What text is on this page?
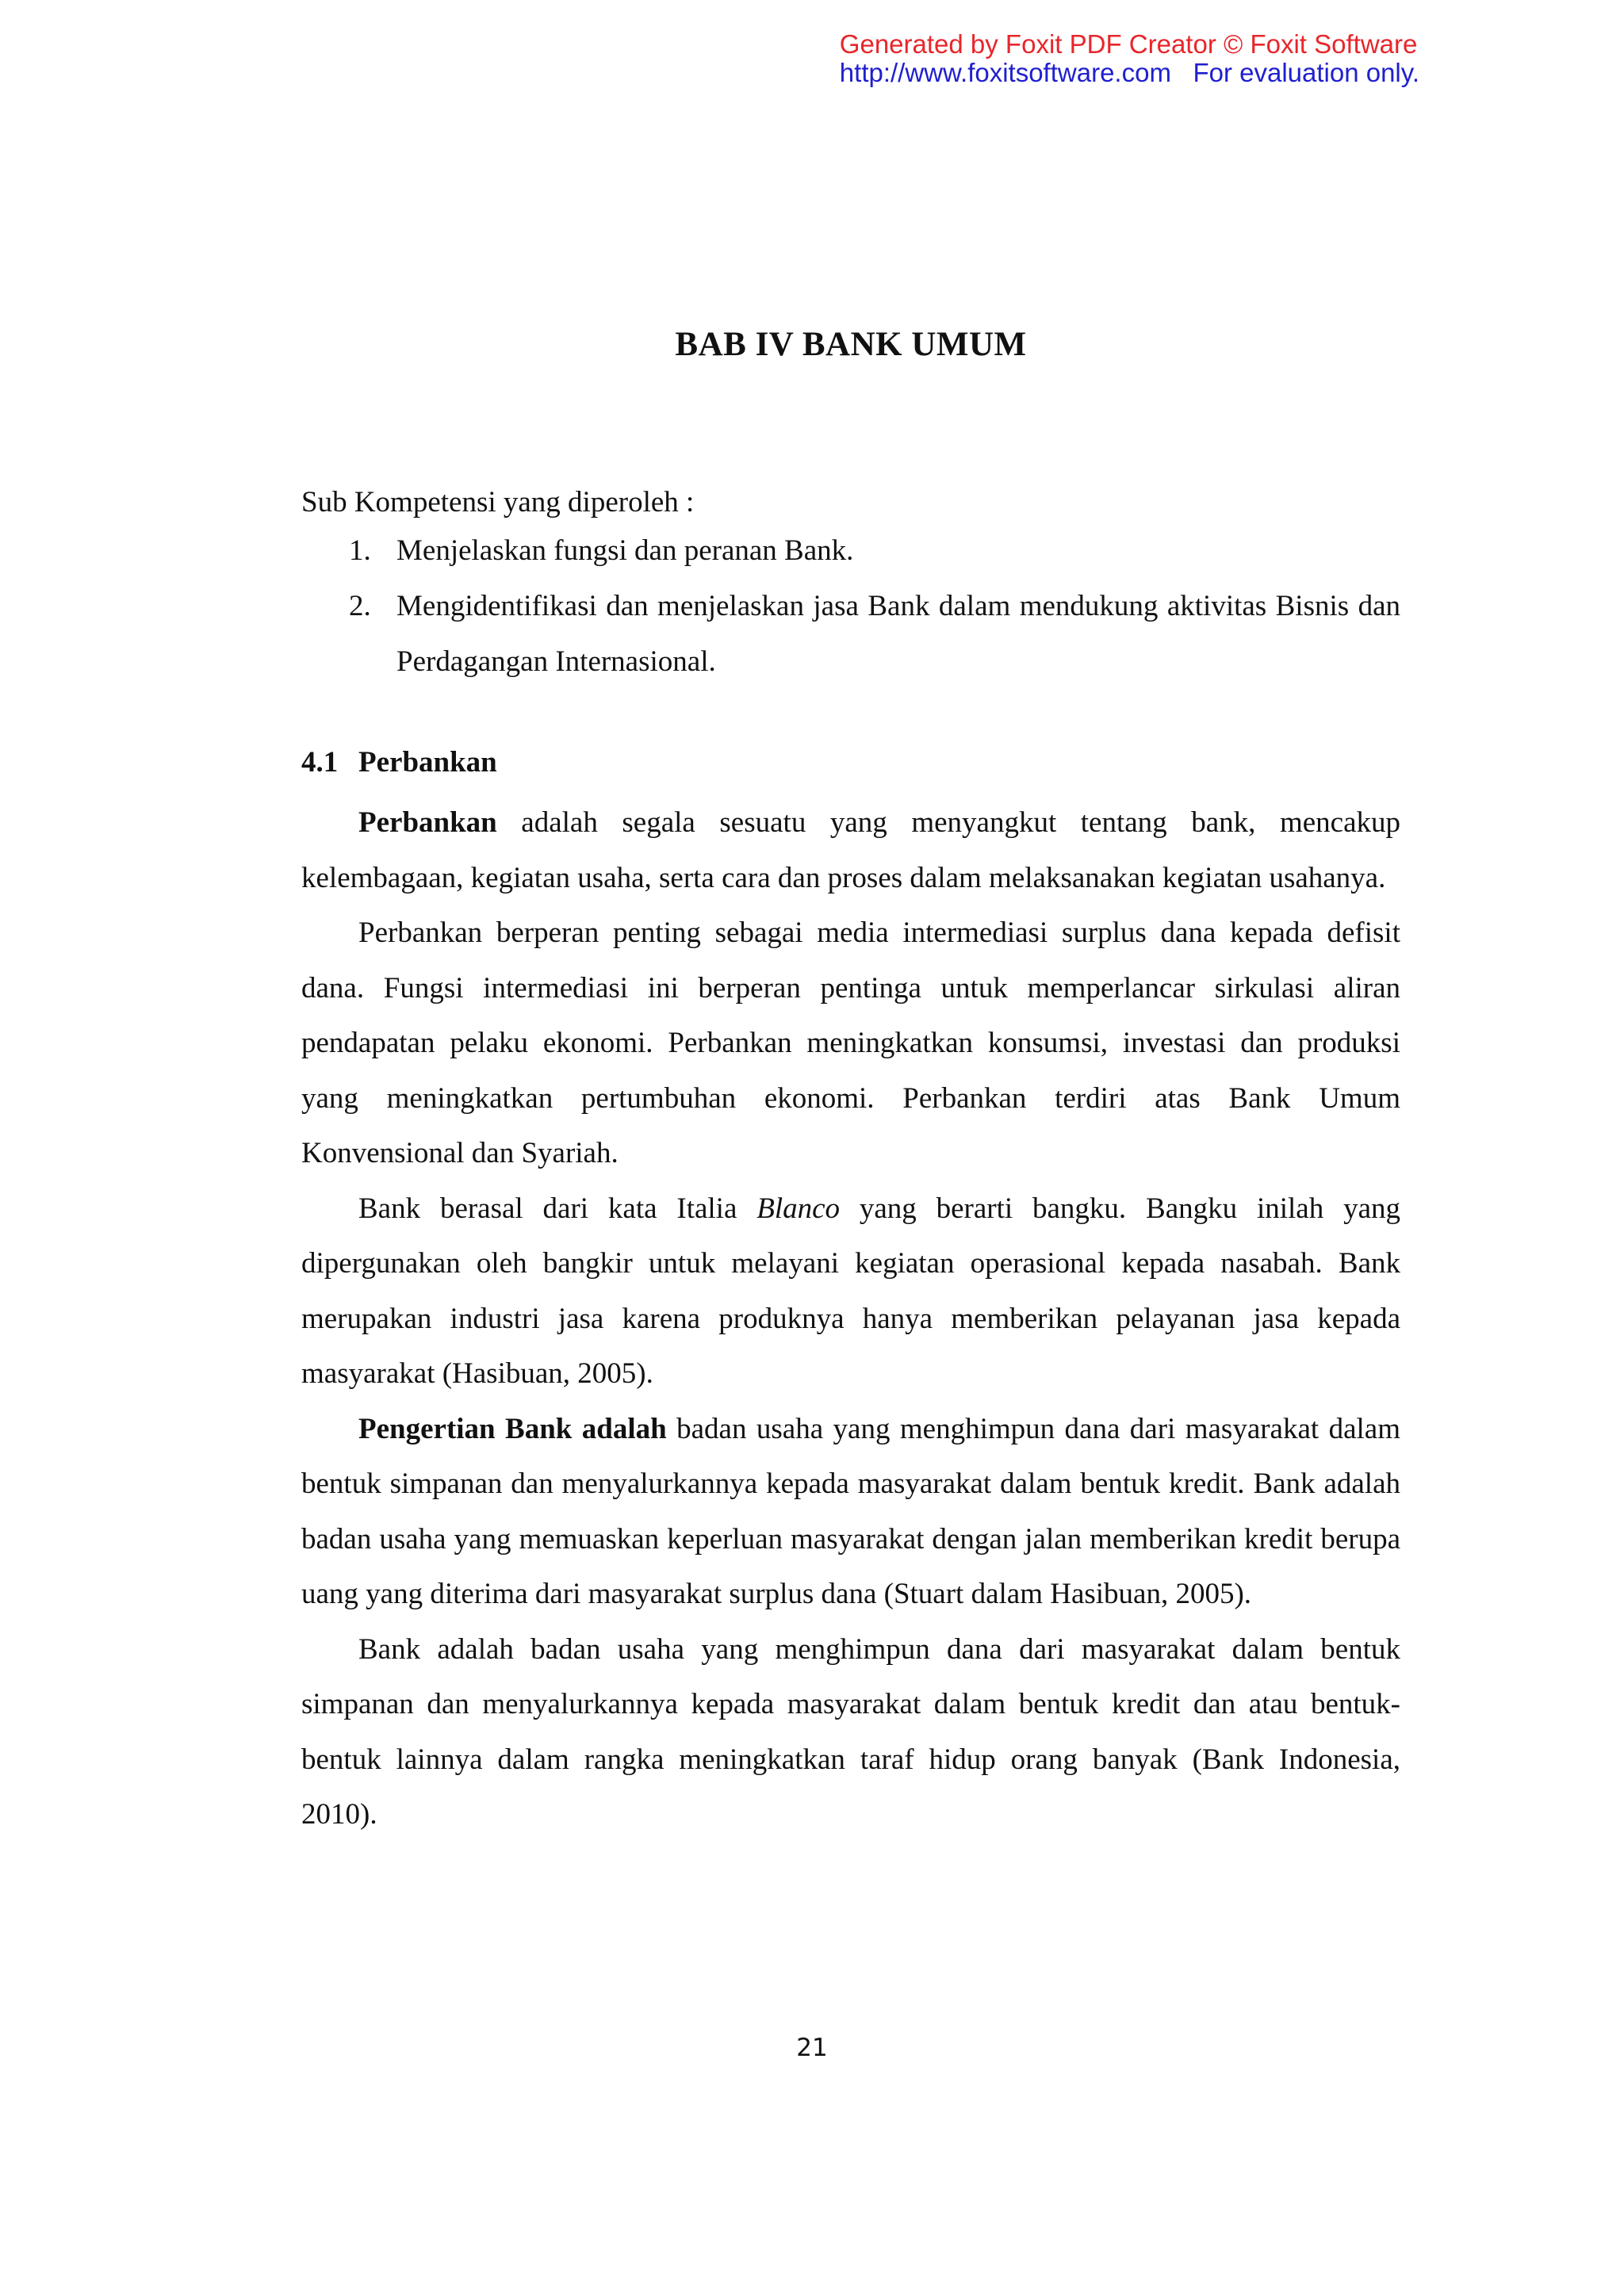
Generated by Foxit PDF Creator © Foxit Software
http://www.foxitsoftware.com   For evaluation only.
BAB IV BANK UMUM
Sub Kompetensi yang diperoleh :
1. Menjelaskan fungsi dan peranan Bank.
2. Mengidentifikasi dan menjelaskan jasa Bank dalam mendukung aktivitas Bisnis dan Perdagangan Internasional.
4.1 Perbankan

Perbankan adalah segala sesuatu yang menyangkut tentang bank, mencakup kelembagaan, kegiatan usaha, serta cara dan proses dalam melaksanakan kegiatan usahanya.

Perbankan berperan penting sebagai media intermediasi surplus dana kepada defisit dana. Fungsi intermediasi ini berperan pentinga untuk memperlancar sirkulasi aliran pendapatan pelaku ekonomi. Perbankan meningkatkan konsumsi, investasi dan produksi yang meningkatkan pertumbuhan ekonomi. Perbankan terdiri atas Bank Umum Konvensional dan Syariah.

Bank berasal dari kata Italia Blanco yang berarti bangku. Bangku inilah yang dipergunakan oleh bangkir untuk melayani kegiatan operasional kepada nasabah. Bank merupakan industri jasa karena produknya hanya memberikan pelayanan jasa kepada masyarakat (Hasibuan, 2005).

Pengertian Bank adalah badan usaha yang menghimpun dana dari masyarakat dalam bentuk simpanan dan menyalurkannya kepada masyarakat dalam bentuk kredit. Bank adalah badan usaha yang memuaskan keperluan masyarakat dengan jalan memberikan kredit berupa uang yang diterima dari masyarakat surplus dana (Stuart dalam Hasibuan, 2005).

Bank adalah badan usaha yang menghimpun dana dari masyarakat dalam bentuk simpanan dan menyalurkannya kepada masyarakat dalam bentuk kredit dan atau bentuk-bentuk lainnya dalam rangka meningkatkan taraf hidup orang banyak (Bank Indonesia, 2010).

21
